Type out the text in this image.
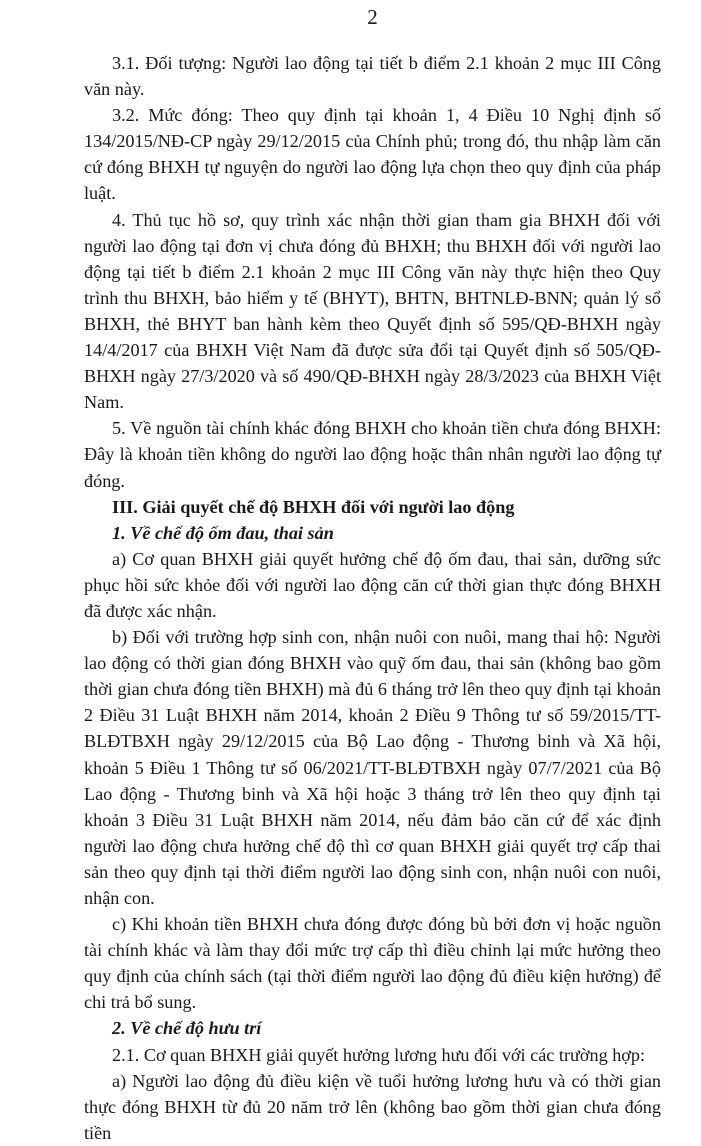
2

3.1. Đối tượng: Người lao động tại tiết b điểm 2.1 khoản 2 mục III Công văn này.

3.2. Mức đóng: Theo quy định tại khoản 1, 4 Điều 10 Nghị định số 134/2015/NĐ-CP ngày 29/12/2015 của Chính phủ; trong đó, thu nhập làm căn cứ đóng BHXH tự nguyện do người lao động lựa chọn theo quy định của pháp luật.

4. Thủ tục hồ sơ, quy trình xác nhận thời gian tham gia BHXH đối với người lao động tại đơn vị chưa đóng đủ BHXH; thu BHXH đối với người lao động tại tiết b điểm 2.1 khoản 2 mục III Công văn này thực hiện theo Quy trình thu BHXH, bảo hiểm y tế (BHYT), BHTN, BHTNLĐ-BNN; quản lý sổ BHXH, thẻ BHYT ban hành kèm theo Quyết định số 595/QĐ-BHXH ngày 14/4/2017 của BHXH Việt Nam đã được sửa đổi tại Quyết định số 505/QĐ-BHXH ngày 27/3/2020 và số 490/QĐ-BHXH ngày 28/3/2023 của BHXH Việt Nam.

5. Về nguồn tài chính khác đóng BHXH cho khoản tiền chưa đóng BHXH: Đây là khoản tiền không do người lao động hoặc thân nhân người lao động tự đóng.

III. Giải quyết chế độ BHXH đối với người lao động

1. Về chế độ ốm đau, thai sản

a) Cơ quan BHXH giải quyết hưởng chế độ ốm đau, thai sản, dưỡng sức phục hồi sức khỏe đối với người lao động căn cứ thời gian thực đóng BHXH đã được xác nhận.

b) Đối với trường hợp sinh con, nhận nuôi con nuôi, mang thai hộ: Người lao động có thời gian đóng BHXH vào quỹ ốm đau, thai sản (không bao gồm thời gian chưa đóng tiền BHXH) mà đủ 6 tháng trở lên theo quy định tại khoản 2 Điều 31 Luật BHXH năm 2014, khoản 2 Điều 9 Thông tư số 59/2015/TT-BLĐTBXH ngày 29/12/2015 của Bộ Lao động - Thương binh và Xã hội, khoản 5 Điều 1 Thông tư số 06/2021/TT-BLĐTBXH ngày 07/7/2021 của Bộ Lao động - Thương binh và Xã hội hoặc 3 tháng trở lên theo quy định tại khoản 3 Điều 31 Luật BHXH năm 2014, nếu đảm bảo căn cứ để xác định người lao động chưa hưởng chế độ thì cơ quan BHXH giải quyết trợ cấp thai sản theo quy định tại thời điểm người lao động sinh con, nhận nuôi con nuôi, nhận con.

c) Khi khoản tiền BHXH chưa đóng được đóng bù bởi đơn vị hoặc nguồn tài chính khác và làm thay đổi mức trợ cấp thì điều chỉnh lại mức hưởng theo quy định của chính sách (tại thời điểm người lao động đủ điều kiện hưởng) để chi trả bổ sung.

2. Về chế độ hưu trí

2.1. Cơ quan BHXH giải quyết hưởng lương hưu đối với các trường hợp:

a) Người lao động đủ điều kiện về tuổi hưởng lương hưu và có thời gian thực đóng BHXH từ đủ 20 năm trở lên (không bao gồm thời gian chưa đóng tiền
